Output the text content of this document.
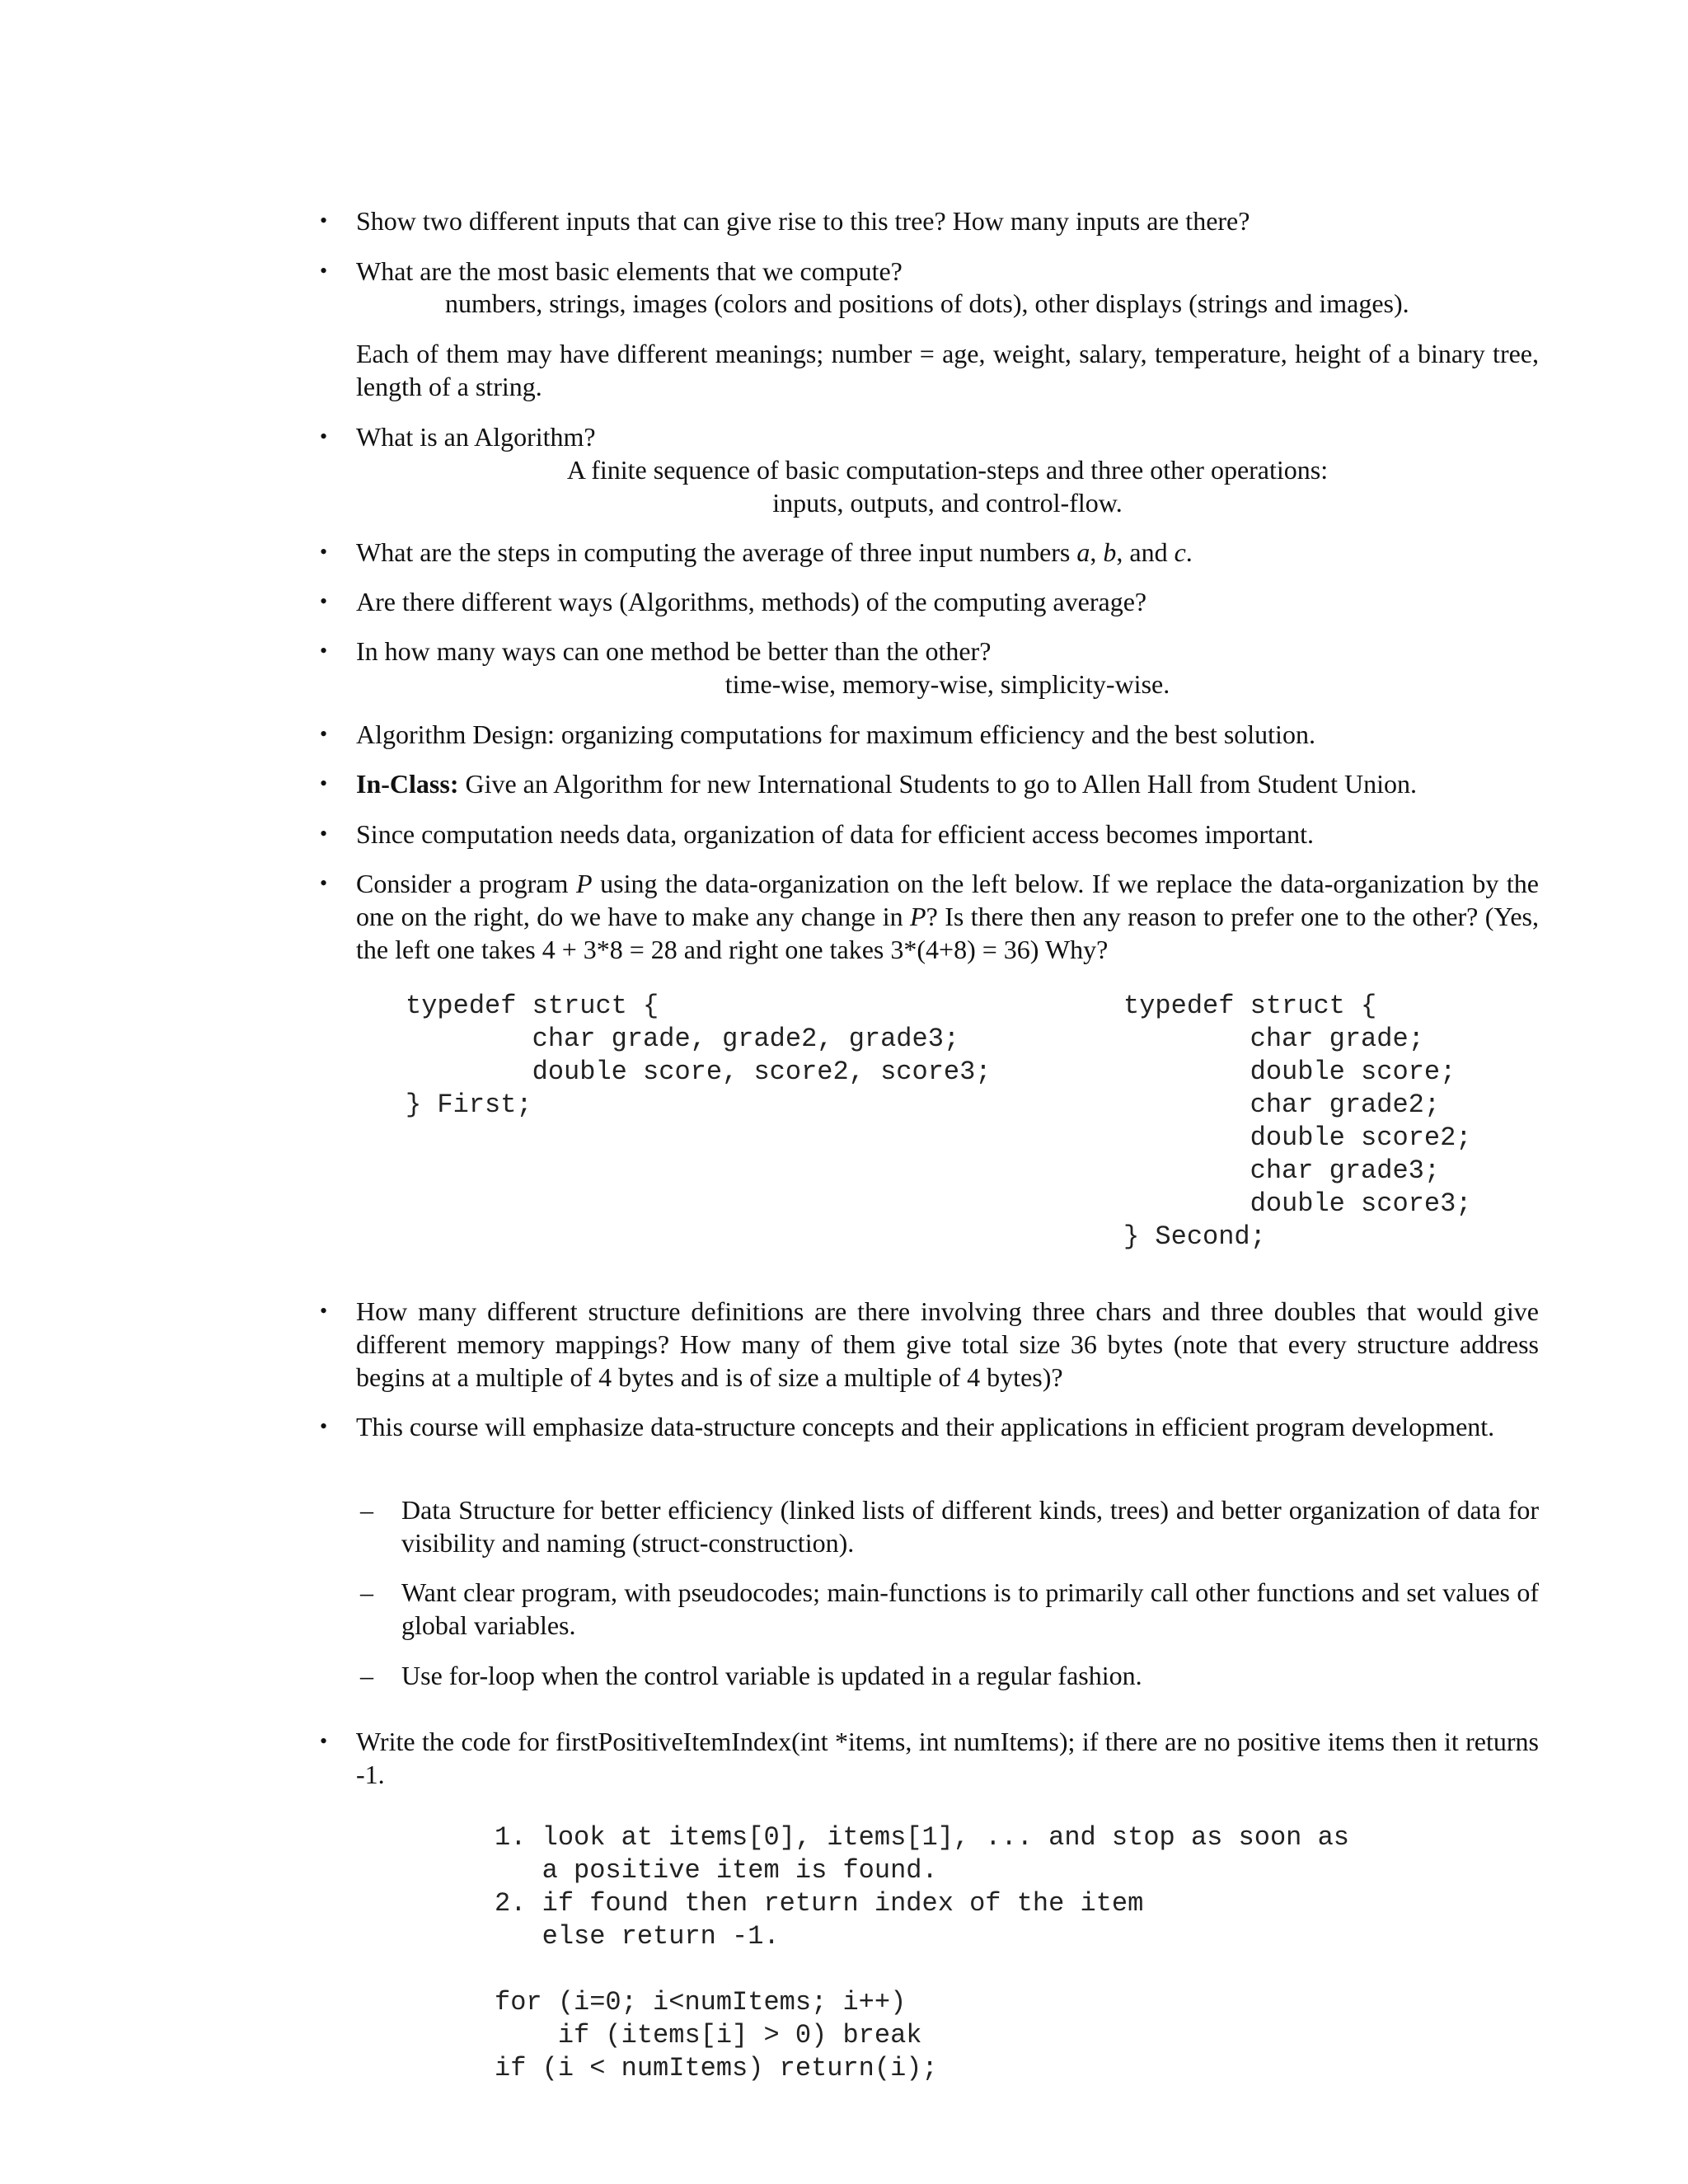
• Show two different inputs that can give rise to this tree? How many inputs are there?
• What are the most basic elements that we compute?
numbers, strings, images (colors and positions of dots), other displays (strings and images).
Each of them may have different meanings; number = age, weight, salary, temperature, height of a binary tree, length of a string.
• What is an Algorithm?
A finite sequence of basic computation-steps and three other operations:
inputs, outputs, and control-flow.
• What are the steps in computing the average of three input numbers a, b, and c.
• Are there different ways (Algorithms, methods) of the computing average?
• In how many ways can one method be better than the other?
time-wise, memory-wise, simplicity-wise.
• Algorithm Design: organizing computations for maximum efficiency and the best solution.
• In-Class: Give an Algorithm for new International Students to go to Allen Hall from Student Union.
• Since computation needs data, organization of data for efficient access becomes important.
• Consider a program P using the data-organization on the left below. If we replace the data-organization by the one on the right, do we have to make any change in P? Is there then any reason to prefer one to the other? (Yes, the left one takes 4 + 3*8 = 28 and right one takes 3*(4+8) = 36) Why?
typedef struct {
char grade, grade2, grade3;
double score, score2, score3;
} First;
typedef struct {
char grade;
double score;
char grade2;
double score2;
char grade3;
double score3;
} Second;
• How many different structure definitions are there involving three chars and three doubles that would give different memory mappings? How many of them give total size 36 bytes (note that every structure address begins at a multiple of 4 bytes and is of size a multiple of 4 bytes)?
• This course will emphasize data-structure concepts and their applications in efficient program development.
– Data Structure for better efficiency (linked lists of different kinds, trees) and better organization of data for visibility and naming (struct-construction).
– Want clear program, with pseudocodes; main-functions is to primarily call other functions and set values of global variables.
– Use for-loop when the control variable is updated in a regular fashion.
• Write the code for firstPositiveItemIndex(int *items, int numItems); if there are no positive items then it returns -1.
1. look at items[0], items[1], ... and stop as soon as
a positive item is found.
2. if found then return index of the item
else return -1.

for (i=0; i<numItems; i++)
if (items[i] > 0) break
if (i < numItems) return(i);
